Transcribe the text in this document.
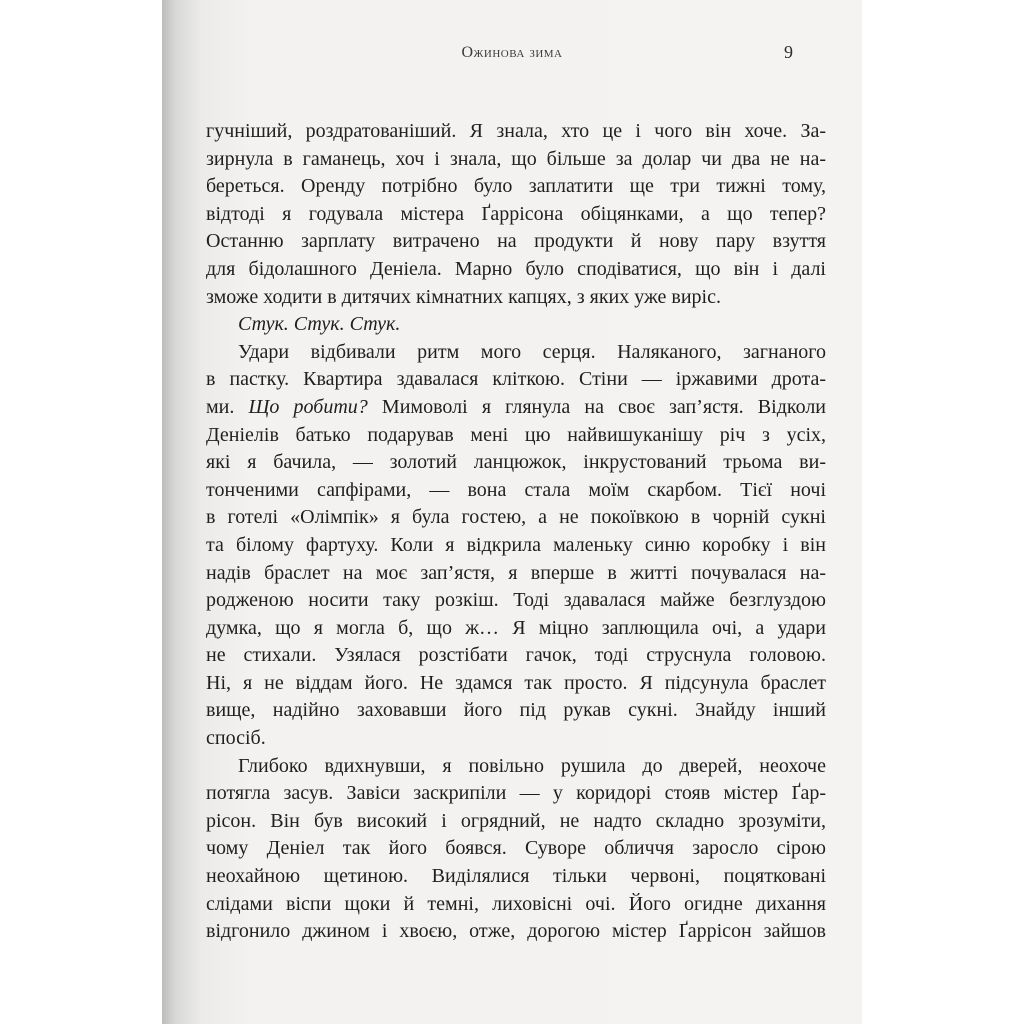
Ожинова зима	9
гучніший, роздратованіший. Я знала, хто це і чого він хоче. За-
зирнула в гаманець, хоч і знала, що більше за долар чи два не на-
береться. Оренду потрібно було заплатити ще три тижні тому,
відтоді я годувала містера Ґаррісона обіцянками, а що тепер?
Останню зарплату витрачено на продукти й нову пару взуття
для бідолашного Деніела. Марно було сподіватися, що він і далі
зможе ходити в дитячих кімнатних капцях, з яких уже виріс.
Стук. Стук. Стук.
Удари відбивали ритм мого серця. Наляканого, загнаного
в пастку. Квартира здавалася кліткою. Стіни — іржавими дрота-
ми. Що робити? Мимоволі я глянула на своє зап’ястя. Відколи
Деніелів батько подарував мені цю найвишуканішу річ з усіх,
які я бачила, — золотий ланцюжок, інкрустований трьома ви-
тонченими сапфірами, — вона стала моїм скарбом. Тієї ночі
в готелі «Олімпік» я була гостею, а не покоївкою в чорній сукні
та білому фартуху. Коли я відкрила маленьку синю коробку і він
надів браслет на моє зап’ястя, я вперше в житті почувалася на-
родженою носити таку розкіш. Тоді здавалася майже безглуздою
думка, що я могла б, що ж… Я міцно заплющила очі, а удари
не стихали. Узялася розстібати гачок, тоді струснула головою.
Ні, я не віддам його. Не здамся так просто. Я підсунула браслет
вище, надійно заховавши його під рукав сукні. Знайду інший
спосіб.
Глибоко вдихнувши, я повільно рушила до дверей, неохоче
потягла засув. Завіси заскрипіли — у коридорі стояв містер Ґар-
рісон. Він був високий і огрядний, не надто складно зрозуміти,
чому Деніел так його боявся. Суворе обличчя заросло сірою
неохайною щетиною. Виділялися тільки червоні, поцятковані
слідами віспи щоки й темні, лиховісні очі. Його огидне дихання
відгонило джином і хвоєю, отже, дорогою містер Ґаррісон зайшов
